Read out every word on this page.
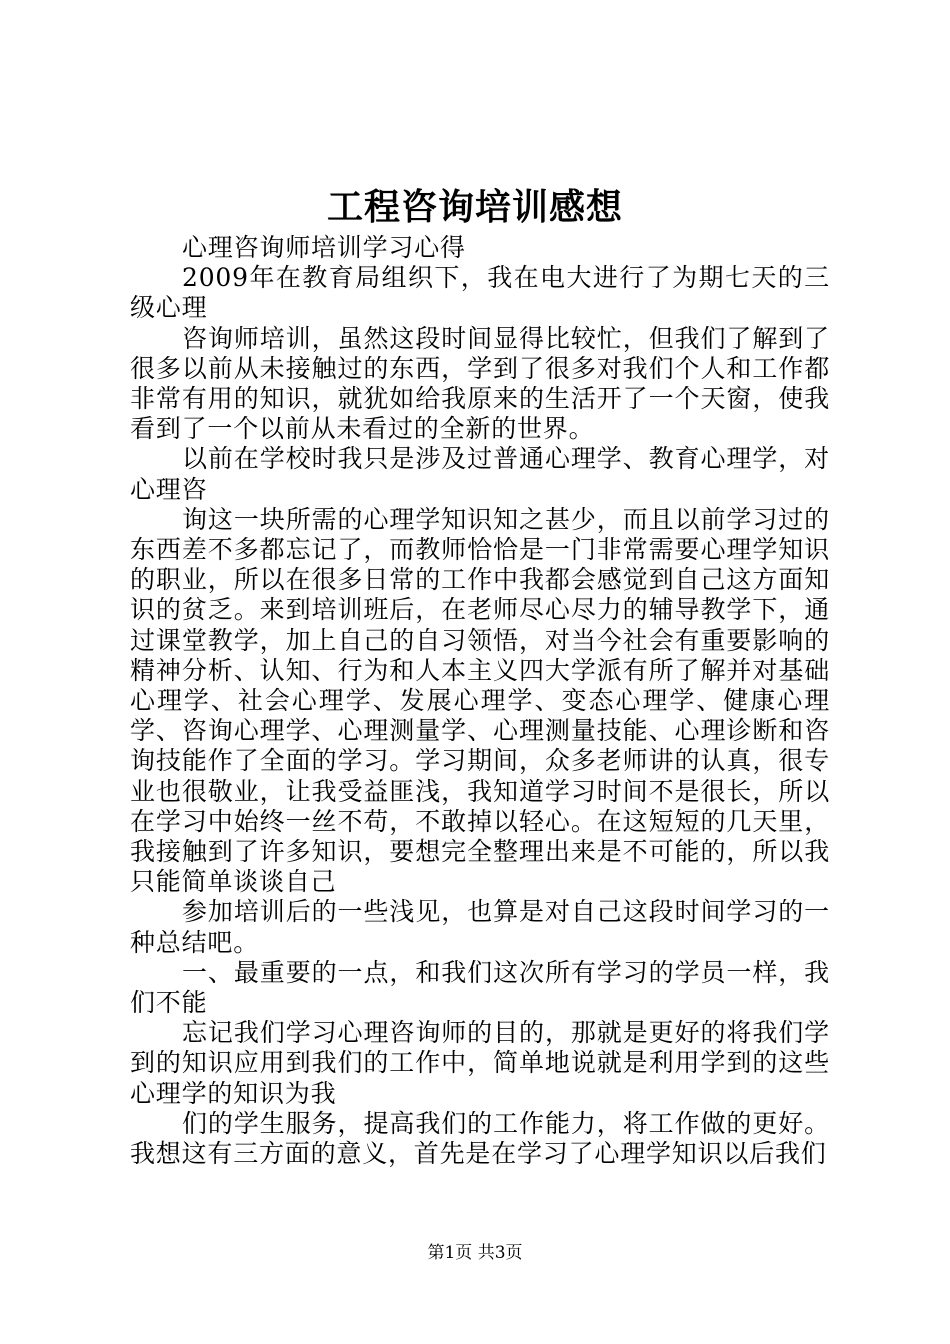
工程咨询培训感想

心理咨询师培训学习心得

2009年在教育局组织下，我在电大进行了为期七天的三级心理

咨询师培训，虽然这段时间显得比较忙，但我们了解到了很多以前从未接触过的东西，学到了很多对我们个人和工作都非常有用的知识，就犹如给我原来的生活开了一个天窗，使我看到了一个以前从未看过的全新的世界。

以前在学校时我只是涉及过普通心理学、教育心理学，对心理咨

询这一块所需的心理学知识知之甚少，而且以前学习过的东西差不多都忘记了，而教师恰恰是一门非常需要心理学知识的职业，所以在很多日常的工作中我都会感觉到自己这方面知识的贫乏。来到培训班后，在老师尽心尽力的辅导教学下，通过课堂教学，加上自己的自习领悟，对当今社会有重要影响的精神分析、认知、行为和人本主义四大学派有所了解并对基础心理学、社会心理学、发展心理学、变态心理学、健康心理学、咨询心理学、心理测量学、心理测量技能、心理诊断和咨询技能作了全面的学习。学习期间，众多老师讲的认真，很专业也很敬业，让我受益匪浅，我知道学习时间不是很长，所以在学习中始终一丝不苟，不敢掉以轻心。在这短短的几天里，我接触到了许多知识，要想完全整理出来是不可能的，所以我只能简单谈谈自己

参加培训后的一些浅见，也算是对自己这段时间学习的一种总结吧。

一、最重要的一点，和我们这次所有学习的学员一样，我们不能

忘记我们学习心理咨询师的目的，那就是更好的将我们学到的知识应用到我们的工作中，简单地说就是利用学到的这些心理学的知识为我

们的学生服务，提高我们的工作能力，将工作做的更好。我想这有三方面的意义，首先是在学习了心理学知识以后我们

第1页 共3页
